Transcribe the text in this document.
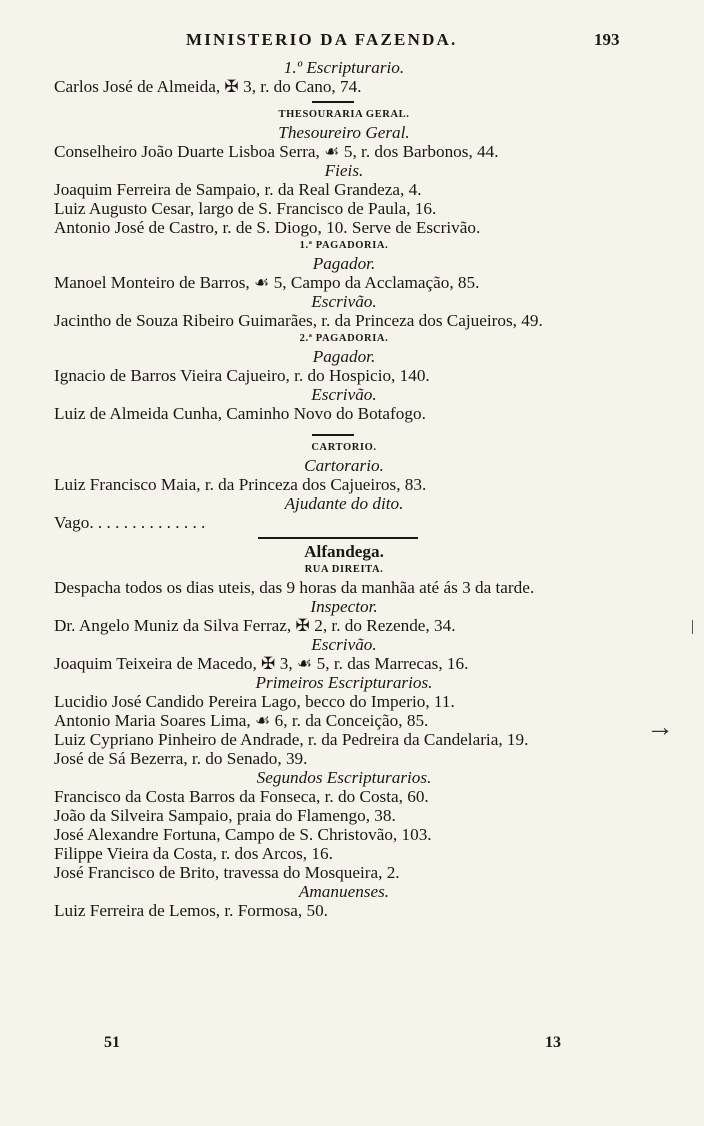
MINISTERIO DA FAZENDA.	193
1.º Escripturario.
Carlos José de Almeida, ✠ 3, r. do Cano, 74.
THESOURARIA GERAL.
Thesoureiro Geral.
Conselheiro João Duarte Lisboa Serra, ☙ 5, r. dos Barbonos, 44.
Fieis.
Joaquim Ferreira de Sampaio, r. da Real Grandeza, 4.
Luiz Augusto Cesar, largo de S. Francisco de Paula, 16.
Antonio José de Castro, r. de S. Diogo, 10. Serve de Escrivão.
1.ª PAGADORIA.
Pagador.
Manoel Monteiro de Barros, ☙ 5, Campo da Acclamação, 85.
Escrivão.
Jacintho de Souza Ribeiro Guimarães, r. da Princeza dos Cajueiros, 49.
2.ª PAGADORIA.
Pagador.
Ignacio de Barros Vieira Cajueiro, r. do Hospicio, 140.
Escrivão.
Luiz de Almeida Cunha, Caminho Novo do Botafogo.
CARTORIO.
Cartorario.
Luiz Francisco Maia, r. da Princeza dos Cajueiros, 83.
Ajudante do dito.
Vago. . . . . . . . . . . . . .
Alfandega.
RUA DIREITA.
Despacha todos os dias uteis, das 9 horas da manhãa até ás 3 da tarde.
Inspector.
Dr. Angelo Muniz da Silva Ferraz, ✠ 2, r. do Rezende, 34.
Escrivão.
Joaquim Teixeira de Macedo, ✠ 3, ☙ 5, r. das Marrecas, 16.
Primeiros Escripturarios.
Lucidio José Candido Pereira Lago, becco do Imperio, 11.
Antonio Maria Soares Lima, ☙ 6, r. da Conceição, 85.
Luiz Cypriano Pinheiro de Andrade, r. da Pedreira da Candelaria, 19.
José de Sá Bezerra, r. do Senado, 39.
Segundos Escripturarios.
Francisco da Costa Barros da Fonseca, r. do Costa, 60.
João da Silveira Sampaio, praia do Flamengo, 38.
José Alexandre Fortuna, Campo de S. Christovão, 103.
Filippe Vieira da Costa, r. dos Arcos, 16.
José Francisco de Brito, travessa do Mosqueira, 2.
Amanuenses.
Luiz Ferreira de Lemos, r. Formosa, 50.
51	13
→
